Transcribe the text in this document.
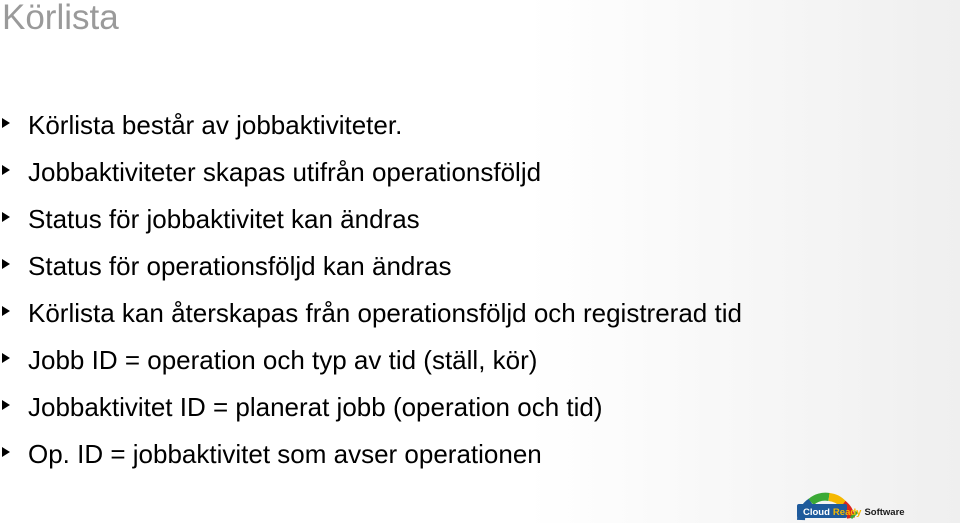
Körlista
Körlista består av jobbaktiviteter.
Jobbaktiviteter skapas utifrån operationsföljd
Status för jobbaktivitet kan ändras
Status för operationsföljd kan ändras
Körlista kan återskapas från operationsföljd och registrerad tid
Jobb ID = operation och typ av tid (ställ, kör)
Jobbaktivitet ID = planerat jobb (operation och tid)
Op. ID = jobbaktivitet som avser operationen
Cloud Ready Software
